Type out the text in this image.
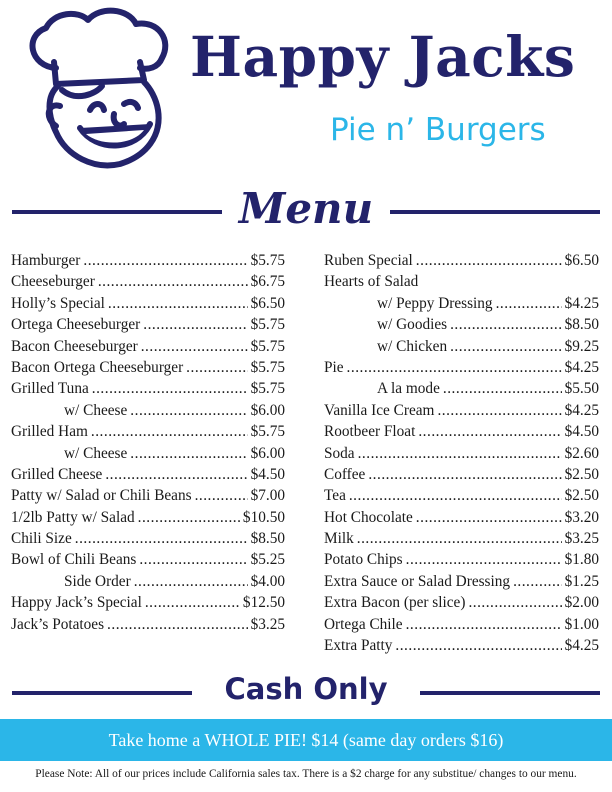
Happy Jacks
Pie n’ Burgers
Menu
Hamburger .....	$5.75
Cheeseburger .....	$6.75
Holly’s Special .....	$6.50
Ortega Cheeseburger .....	$5.75
Bacon Cheeseburger .....	$5.75
Bacon Ortega Cheeseburger .....	$5.75
Grilled Tuna .....	$5.75
w/ Cheese .....	$6.00
Grilled Ham .....	$5.75
w/ Cheese .....	$6.00
Grilled Cheese .....	$4.50
Patty w/ Salad or Chili Beans .....	$7.00
1/2lb Patty w/ Salad .....	$10.50
Chili Size .....	$8.50
Bowl of Chili Beans .....	$5.25
Side Order .....	$4.00
Happy Jack’s Special .....	$12.50
Jack’s Potatoes .....	$3.25
Ruben Special .....	$6.50
Hearts of Salad
w/ Peppy Dressing .....	$4.25
w/ Goodies .....	$8.50
w/ Chicken .....	$9.25
Pie .....	$4.25
A la mode .....	$5.50
Vanilla Ice Cream .....	$4.25
Rootbeer Float .....	$4.50
Soda .....	$2.60
Coffee .....	$2.50
Tea .....	$2.50
Hot Chocolate .....	$3.20
Milk .....	$3.25
Potato Chips .....	$1.80
Extra Sauce or Salad Dressing .....	$1.25
Extra Bacon (per slice) .....	$2.00
Ortega Chile .....	$1.00
Extra Patty .....	$4.25
Cash Only
Take home a WHOLE PIE! $14 (same day orders $16)
Please Note: All of our prices include California sales tax. There is a $2 charge for any substitue/ changes to our menu.
